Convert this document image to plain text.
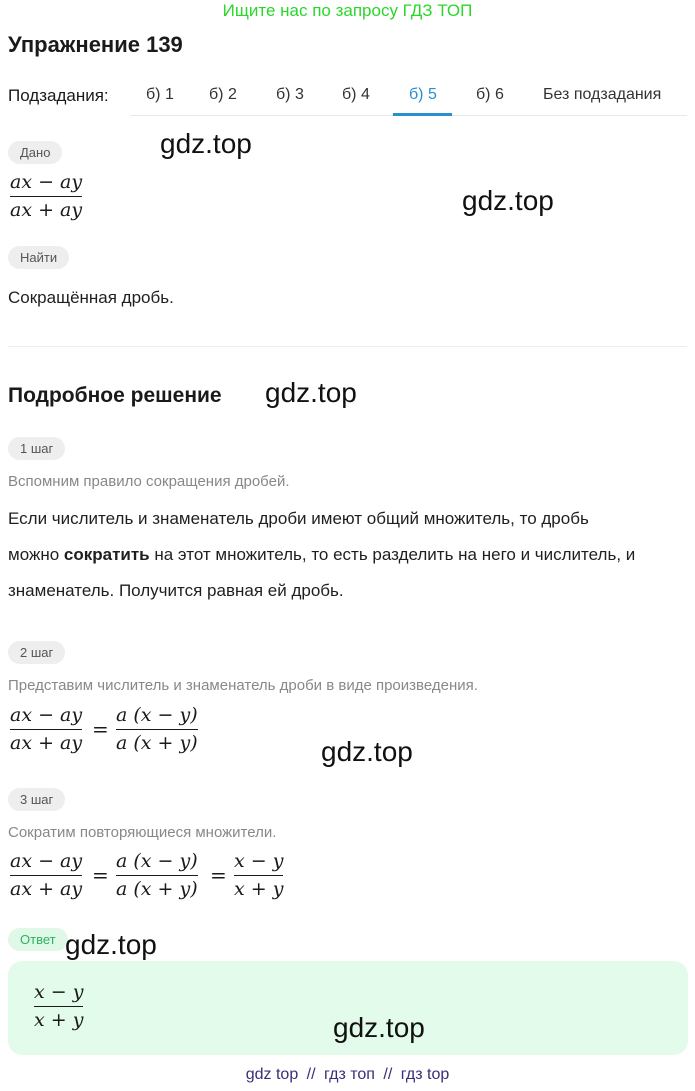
Ищите нас по запросу ГДЗ ТОП
Упражнение 139
Подзадания: б) 1 б) 2 б) 3 б) 4 б) 5 б) 6 Без подзадания
Дано
ax − ay
ax + ay
Найти
Сокращённая дробь.
Подробное решение
1 шаг
Вспомним правило сокращения дробей.
Если числитель и знаменатель дроби имеют общий множитель, то дробь
можно сократить на этот множитель, то есть разделить на него и числитель, и
знаменатель. Получится равная ей дробь.
2 шаг
Представим числитель и знаменатель дроби в виде произведения.
ax − ay
ax + ay
=
a (x − y)
a (x + y)
3 шаг
Сократим повторяющиеся множители.
ax − ay
ax + ay
=
a (x − y)
a (x + y)
=
x − y
x + y
Ответ
x − y
x + y
gdz.top
gdz.top
gdz.top
gdz.top
gdz.top
gdz.top
gdz top // гдз топ // гдз top
